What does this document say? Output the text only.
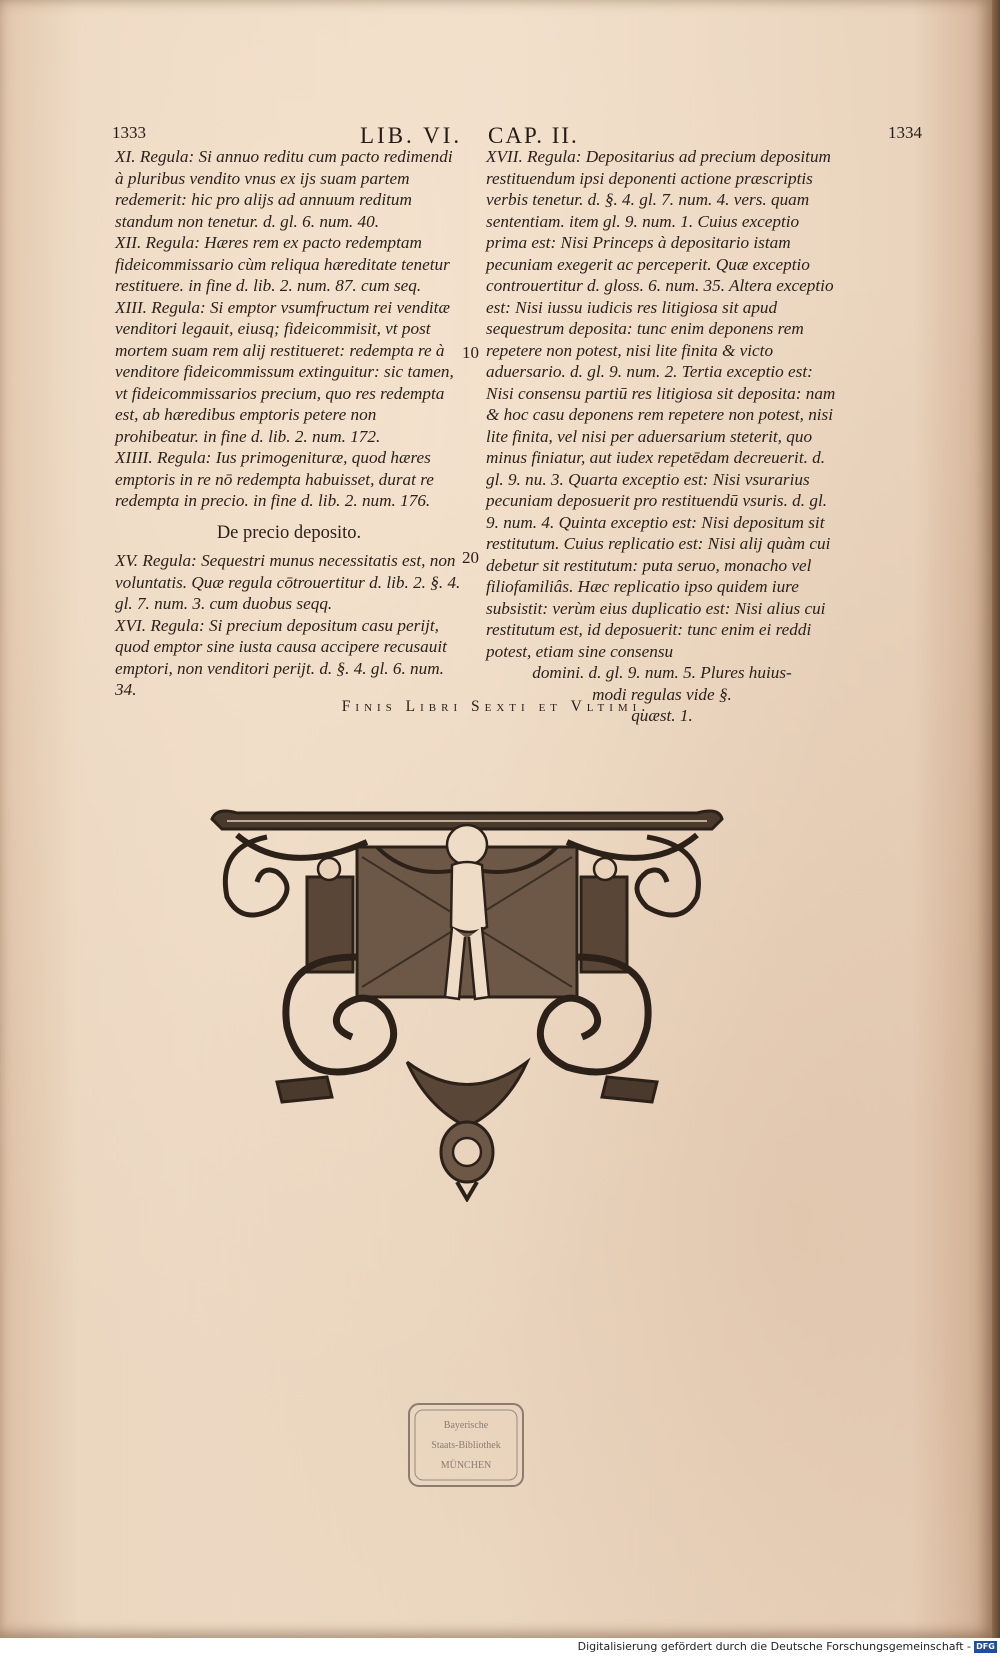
1333	LIB. VI. CAP. II.	1334

XI. Regula: Si annuo reditu cum pacto redimendi à pluribus vendito vnus ex ijs suam partem redemerit: hic pro alijs ad annuum reditum standum non tenetur. d. gl. 6. num. 40.

XII. Regula: Hæres rem ex pacto redemptam fideicommissario cùm reliqua hæreditate tenetur restituere. in fine d. lib. 2. num. 87. cum seq.

XIII. Regula: Si emptor vsumfructum rei venditæ venditori legauit, eiusq; fideicommisit, vt post mortem suam rem alij restitueret: redempta re à venditore fideicommissum extinguitur: sic tamen, vt fideicommissarios precium, quo res redempta est, ab hæredibus emptoris petere non prohibeatur. in fine d. lib. 2. num. 172.

XIIII. Regula: Ius primogenituræ, quod hæres emptoris in re nō redempta habuisset, durat re redempta in precio. in fine d. lib. 2. num. 176.

De precio deposito.

XV. Regula: Sequestri munus necessitatis est, non voluntatis. Quæ regula cōtrouertitur d. lib. 2. §. 4. gl. 7. num. 3. cum duobus seqq.

XVI. Regula: Si precium depositum casu perijt, quod emptor sine iusta causa accipere recusauit emptori, non venditori perijt. d. §. 4. gl. 6. num. 34.

10
20

XVII. Regula: Depositarius ad precium depositum restituendum ipsi deponenti actione præscriptis verbis tenetur. d. §. 4. gl. 7. num. 4. vers. quam sententiam. item gl. 9. num. 1. Cuius exceptio prima est: Nisi Princeps à depositario istam pecuniam exegerit ac perceperit. Quæ exceptio controuertitur d. gloss. 6. num. 35. Altera exceptio est: Nisi iussu iudicis res litigiosa sit apud sequestrum deposita: tunc enim deponens rem repetere non potest, nisi lite finita & victo aduersario. d. gl. 9. num. 2. Tertia exceptio est: Nisi consensu partiū res litigiosa sit deposita: nam & hoc casu deponens rem repetere non potest, nisi lite finita, vel nisi per aduersarium steterit, quo minus finiatur, aut iudex repetēdam decreuerit. d. gl. 9. nu. 3. Quarta exceptio est: Nisi vsurarius pecuniam deposuerit pro restituendū vsuris. d. gl. 9. num. 4. Quinta exceptio est: Nisi depositum sit restitutum. Cuius replicatio est: Nisi alij quàm cui debetur sit restitutum: puta seruo, monacho vel filiofamiliâs. Hæc replicatio ipso quidem iure subsistit: verùm eius duplicatio est: Nisi alius cui restitutum est, id deposuerit: tunc enim ei reddi potest, etiam sine consensu

domini. d. gl. 9. num. 5. Plures huius-
modi regulas vide §.
quæst. 1.
Finis Libri Sexti et Vltimi.
Bayerische
Staats-Bibliothek
MÜNCHEN
Digitalisierung gefördert durch die Deutsche Forschungsgemeinschaft - DFG
